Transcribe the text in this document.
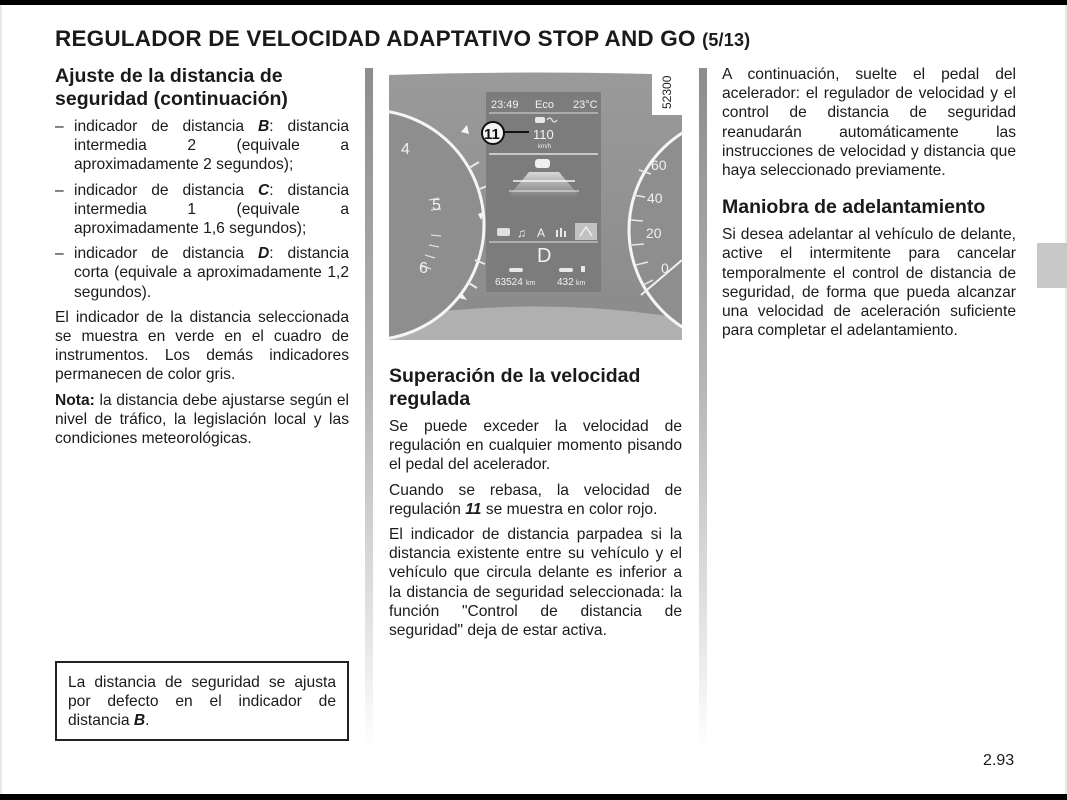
REGULADOR DE VELOCIDAD ADAPTATIVO STOP AND GO (5/13)
Ajuste de la distancia de seguridad (continuación)
– indicador de distancia B: distancia intermedia 2 (equivale a aproximadamente 2 segundos);
– indicador de distancia C: distancia intermedia 1 (equivale a aproximadamente 1,6 segundos);
– indicador de distancia D: distancia corta (equivale a aproximadamente 1,2 segundos).

El indicador de la distancia seleccionada se muestra en verde en el cuadro de instrumentos. Los demás indicadores permanecen de color gris.

Nota: la distancia debe ajustarse según el nivel de tráfico, la legislación local y las condiciones meteorológicas.

La distancia de seguridad se ajusta por defecto en el indicador de distancia B.

4
5
6
60
40
20
0
23:49 Eco 23°C
110
km/h
♫ A
D
63524 km 432 km
11
52300
Superación de la velocidad regulada

Se puede exceder la velocidad de regulación en cualquier momento pisando el pedal del acelerador.

Cuando se rebasa, la velocidad de regulación 11 se muestra en color rojo.

El indicador de distancia parpadea si la distancia existente entre su vehículo y el vehículo que circula delante es inferior a la distancia de seguridad seleccionada: la función "Control de distancia de seguridad" deja de estar activa.

A continuación, suelte el pedal del acelerador: el regulador de velocidad y el control de distancia de seguridad reanudarán automáticamente las instrucciones de velocidad y distancia que haya seleccionado previamente.

Maniobra de adelantamiento

Si desea adelantar al vehículo de delante, active el intermitente para cancelar temporalmente el control de distancia de seguridad, de forma que pueda alcanzar una velocidad de aceleración suficiente para completar el adelantamiento.

2.93
